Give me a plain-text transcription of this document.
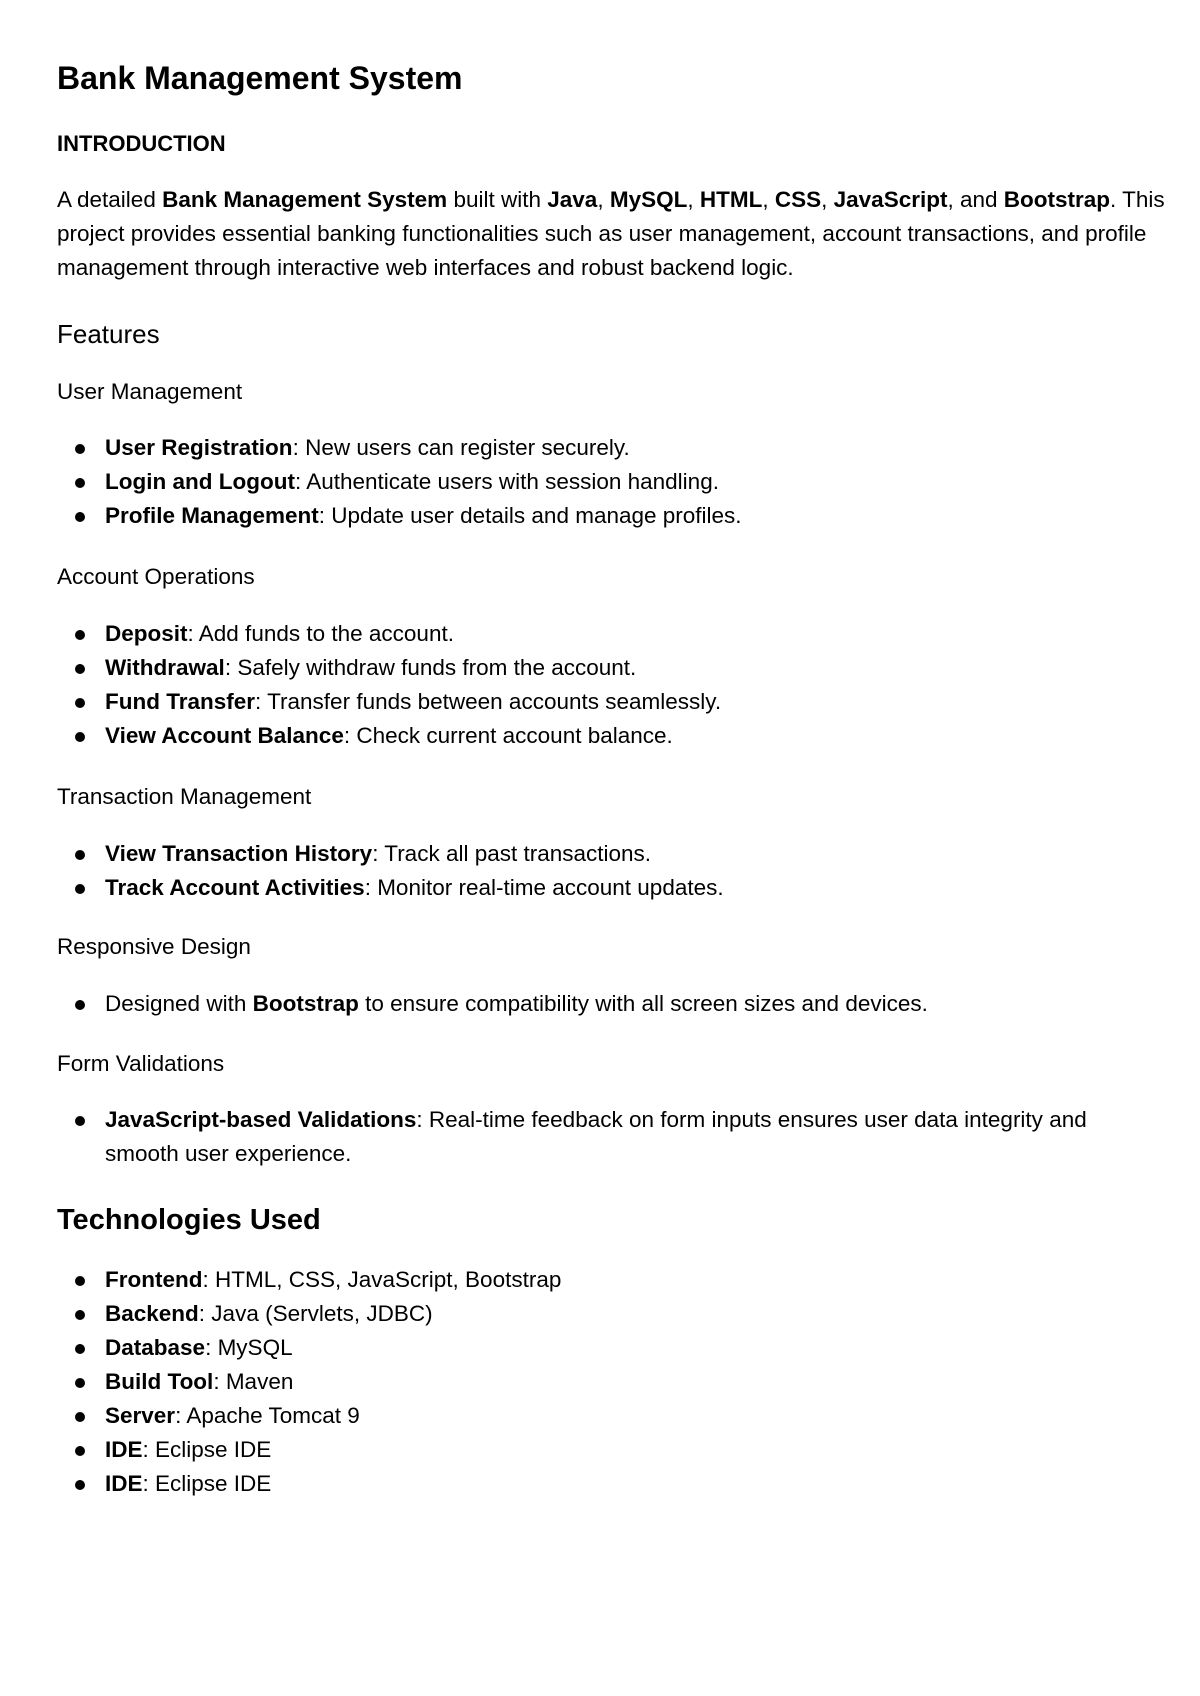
Bank Management System
INTRODUCTION

A detailed Bank Management System built with Java, MySQL, HTML, CSS, JavaScript, and Bootstrap. This project provides essential banking functionalities such as user management, account transactions, and profile management through interactive web interfaces and robust backend logic.

Features
User Management
User Registration: New users can register securely.
Login and Logout: Authenticate users with session handling.
Profile Management: Update user details and manage profiles.
Account Operations
Deposit: Add funds to the account.
Withdrawal: Safely withdraw funds from the account.
Fund Transfer: Transfer funds between accounts seamlessly.
View Account Balance: Check current account balance.
Transaction Management
View Transaction History: Track all past transactions.
Track Account Activities: Monitor real-time account updates.
Responsive Design
Designed with Bootstrap to ensure compatibility with all screen sizes and devices.
Form Validations
JavaScript-based Validations: Real-time feedback on form inputs ensures user data integrity and smooth user experience.
Technologies Used
Frontend: HTML, CSS, JavaScript, Bootstrap
Backend: Java (Servlets, JDBC)
Database: MySQL
Build Tool: Maven
Server: Apache Tomcat 9
IDE: Eclipse IDE
IDE: Eclipse IDE
